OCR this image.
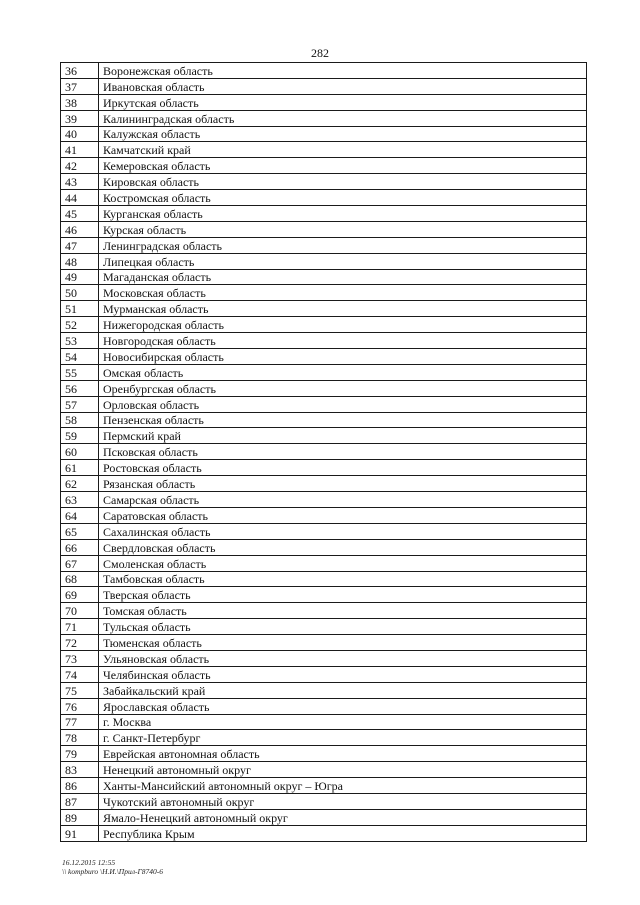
282
36	Воронежская область
37	Ивановская область
38	Иркутская область
39	Калининградская область
40	Калужская область
41	Камчатский край
42	Кемеровская область
43	Кировская область
44	Костромская область
45	Курганская область
46	Курская область
47	Ленинградская область
48	Липецкая область
49	Магаданская область
50	Московская область
51	Мурманская область
52	Нижегородская область
53	Новгородская область
54	Новосибирская область
55	Омская область
56	Оренбургская область
57	Орловская область
58	Пензенская область
59	Пермский край
60	Псковская область
61	Ростовская область
62	Рязанская область
63	Самарская область
64	Саратовская область
65	Сахалинская область
66	Свердловская область
67	Смоленская область
68	Тамбовская область
69	Тверская область
70	Томская область
71	Тульская область
72	Тюменская область
73	Ульяновская область
74	Челябинская область
75	Забайкальский край
76	Ярославская область
77	г. Москва
78	г. Санкт-Петербург
79	Еврейская автономная область
83	Ненецкий автономный округ
86	Ханты-Мансийский автономный округ – Югра
87	Чукотский автономный округ
89	Ямало-Ненецкий автономный округ
91	Республика Крым
16.12.2015 12:55
\\ kompburo \Н.И.\Прил-Г8740-6
